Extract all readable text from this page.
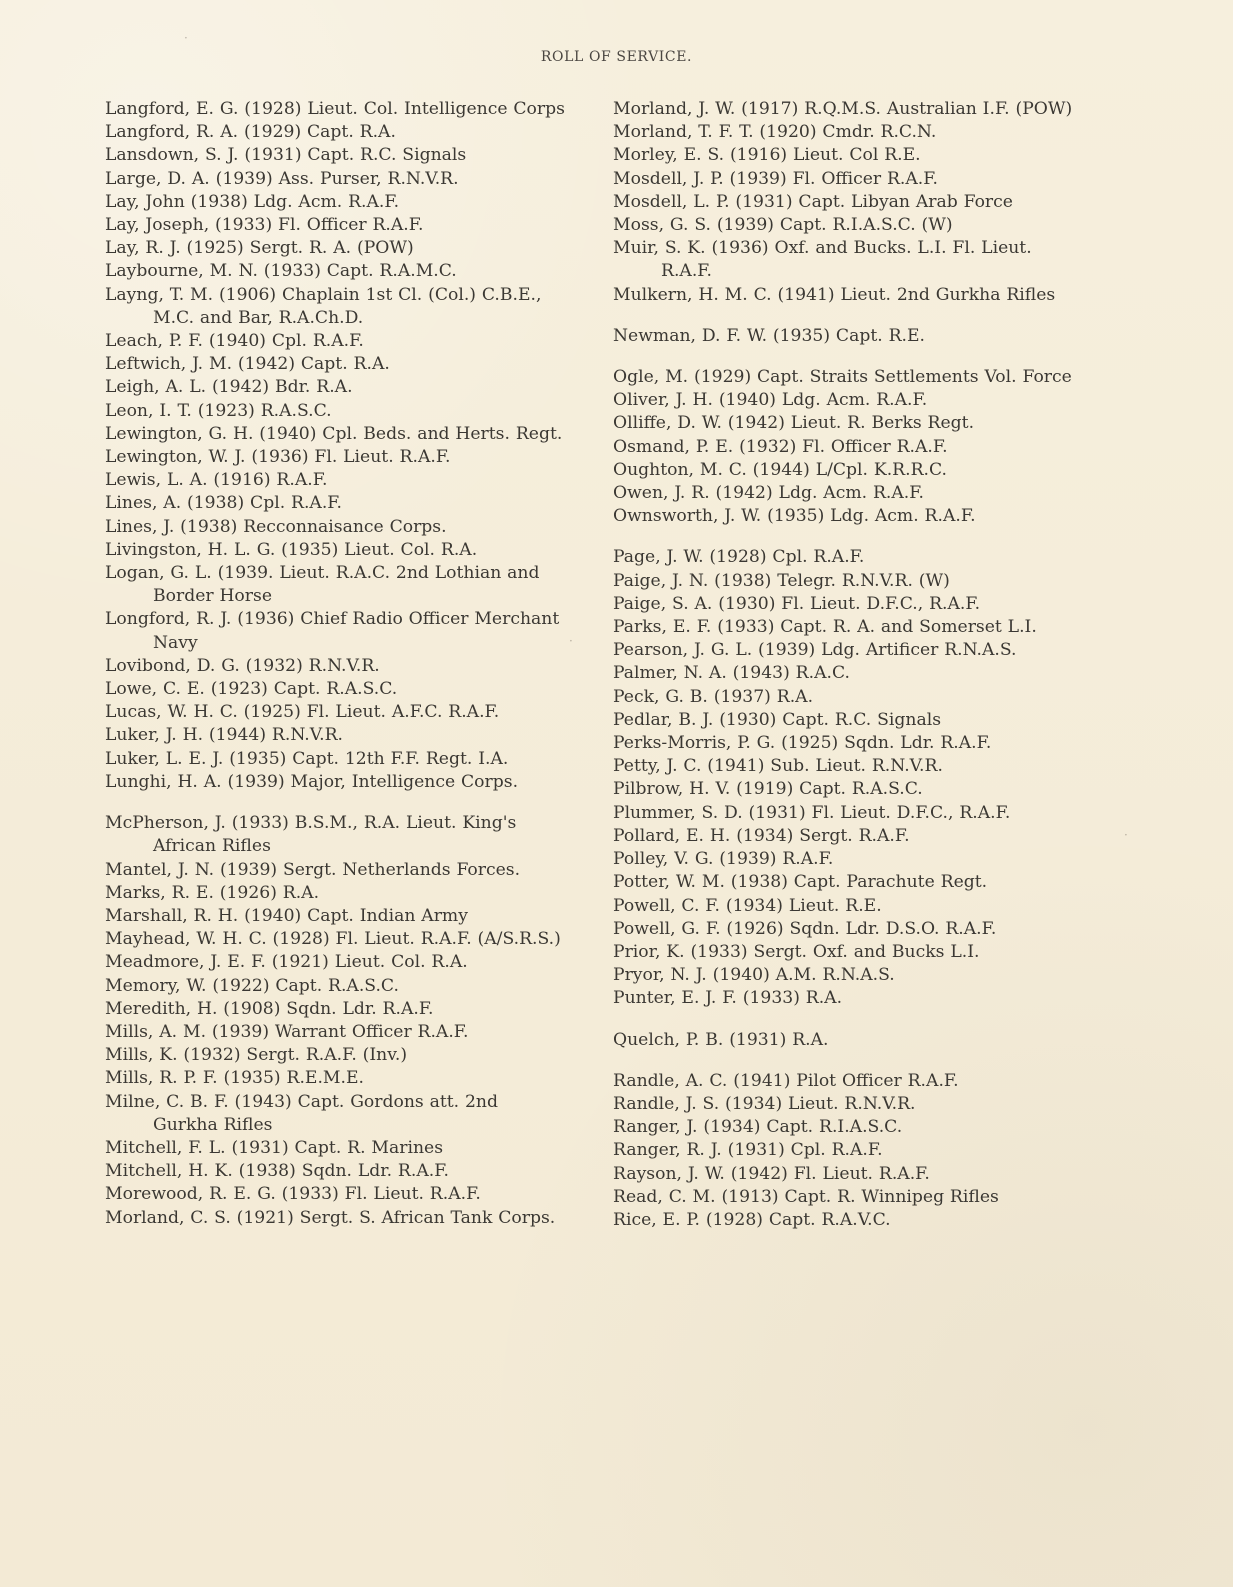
·
·
·
ROLL OF SERVICE.
Langford, E. G. (1928) Lieut. Col. Intelligence Corps
Langford, R. A. (1929) Capt. R.A.
Lansdown, S. J. (1931) Capt. R.C. Signals
Large, D. A. (1939) Ass. Purser, R.N.V.R.
Lay, John (1938) Ldg. Acm. R.A.F.
Lay, Joseph, (1933) Fl. Officer R.A.F.
Lay, R. J. (1925) Sergt. R. A. (POW)
Laybourne, M. N. (1933) Capt. R.A.M.C.
Layng, T. M. (1906) Chaplain 1st Cl. (Col.) C.B.E., M.C. and Bar, R.A.Ch.D.
Leach, P. F. (1940) Cpl. R.A.F.
Leftwich, J. M. (1942) Capt. R.A.
Leigh, A. L. (1942) Bdr. R.A.
Leon, I. T. (1923) R.A.S.C.
Lewington, G. H. (1940) Cpl. Beds. and Herts. Regt.
Lewington, W. J. (1936) Fl. Lieut. R.A.F.
Lewis, L. A. (1916) R.A.F.
Lines, A. (1938) Cpl. R.A.F.
Lines, J. (1938) Recconnaisance Corps.
Livingston, H. L. G. (1935) Lieut. Col. R.A.
Logan, G. L. (1939. Lieut. R.A.C. 2nd Lothian and Border Horse
Longford, R. J. (1936) Chief Radio Officer Merchant Navy
Lovibond, D. G. (1932) R.N.V.R.
Lowe, C. E. (1923) Capt. R.A.S.C.
Lucas, W. H. C. (1925) Fl. Lieut. A.F.C. R.A.F.
Luker, J. H. (1944) R.N.V.R.
Luker, L. E. J. (1935) Capt. 12th F.F. Regt. I.A.
Lunghi, H. A. (1939) Major, Intelligence Corps.
McPherson, J. (1933) B.S.M., R.A. Lieut. King's African Rifles
Mantel, J. N. (1939) Sergt. Netherlands Forces.
Marks, R. E. (1926) R.A.
Marshall, R. H. (1940) Capt. Indian Army
Mayhead, W. H. C. (1928) Fl. Lieut. R.A.F. (A/S.R.S.)
Meadmore, J. E. F. (1921) Lieut. Col. R.A.
Memory, W. (1922) Capt. R.A.S.C.
Meredith, H. (1908) Sqdn. Ldr. R.A.F.
Mills, A. M. (1939) Warrant Officer R.A.F.
Mills, K. (1932) Sergt. R.A.F. (Inv.)
Mills, R. P. F. (1935) R.E.M.E.
Milne, C. B. F. (1943) Capt. Gordons att. 2nd Gurkha Rifles
Mitchell, F. L. (1931) Capt. R. Marines
Mitchell, H. K. (1938) Sqdn. Ldr. R.A.F.
Morewood, R. E. G. (1933) Fl. Lieut. R.A.F.
Morland, C. S. (1921) Sergt. S. African Tank Corps.
Morland, J. W. (1917) R.Q.M.S. Australian I.F. (POW)
Morland, T. F. T. (1920) Cmdr. R.C.N.
Morley, E. S. (1916) Lieut. Col R.E.
Mosdell, J. P. (1939) Fl. Officer R.A.F.
Mosdell, L. P. (1931) Capt. Libyan Arab Force
Moss, G. S. (1939) Capt. R.I.A.S.C. (W)
Muir, S. K. (1936) Oxf. and Bucks. L.I. Fl. Lieut. R.A.F.
Mulkern, H. M. C. (1941) Lieut. 2nd Gurkha Rifles
Newman, D. F. W. (1935) Capt. R.E.
Ogle, M. (1929) Capt. Straits Settlements Vol. Force
Oliver, J. H. (1940) Ldg. Acm. R.A.F.
Olliffe, D. W. (1942) Lieut. R. Berks Regt.
Osmand, P. E. (1932) Fl. Officer R.A.F.
Oughton, M. C. (1944) L/Cpl. K.R.R.C.
Owen, J. R. (1942) Ldg. Acm. R.A.F.
Ownsworth, J. W. (1935) Ldg. Acm. R.A.F.
Page, J. W. (1928) Cpl. R.A.F.
Paige, J. N. (1938) Telegr. R.N.V.R. (W)
Paige, S. A. (1930) Fl. Lieut. D.F.C., R.A.F.
Parks, E. F. (1933) Capt. R. A. and Somerset L.I.
Pearson, J. G. L. (1939) Ldg. Artificer R.N.A.S.
Palmer, N. A. (1943) R.A.C.
Peck, G. B. (1937) R.A.
Pedlar, B. J. (1930) Capt. R.C. Signals
Perks-Morris, P. G. (1925) Sqdn. Ldr. R.A.F.
Petty, J. C. (1941) Sub. Lieut. R.N.V.R.
Pilbrow, H. V. (1919) Capt. R.A.S.C.
Plummer, S. D. (1931) Fl. Lieut. D.F.C., R.A.F.
Pollard, E. H. (1934) Sergt. R.A.F.
Polley, V. G. (1939) R.A.F.
Potter, W. M. (1938) Capt. Parachute Regt.
Powell, C. F. (1934) Lieut. R.E.
Powell, G. F. (1926) Sqdn. Ldr. D.S.O. R.A.F.
Prior, K. (1933) Sergt. Oxf. and Bucks L.I.
Pryor, N. J. (1940) A.M. R.N.A.S.
Punter, E. J. F. (1933) R.A.
Quelch, P. B. (1931) R.A.
Randle, A. C. (1941) Pilot Officer R.A.F.
Randle, J. S. (1934) Lieut. R.N.V.R.
Ranger, J. (1934) Capt. R.I.A.S.C.
Ranger, R. J. (1931) Cpl. R.A.F.
Rayson, J. W. (1942) Fl. Lieut. R.A.F.
Read, C. M. (1913) Capt. R. Winnipeg Rifles
Rice, E. P. (1928) Capt. R.A.V.C.
